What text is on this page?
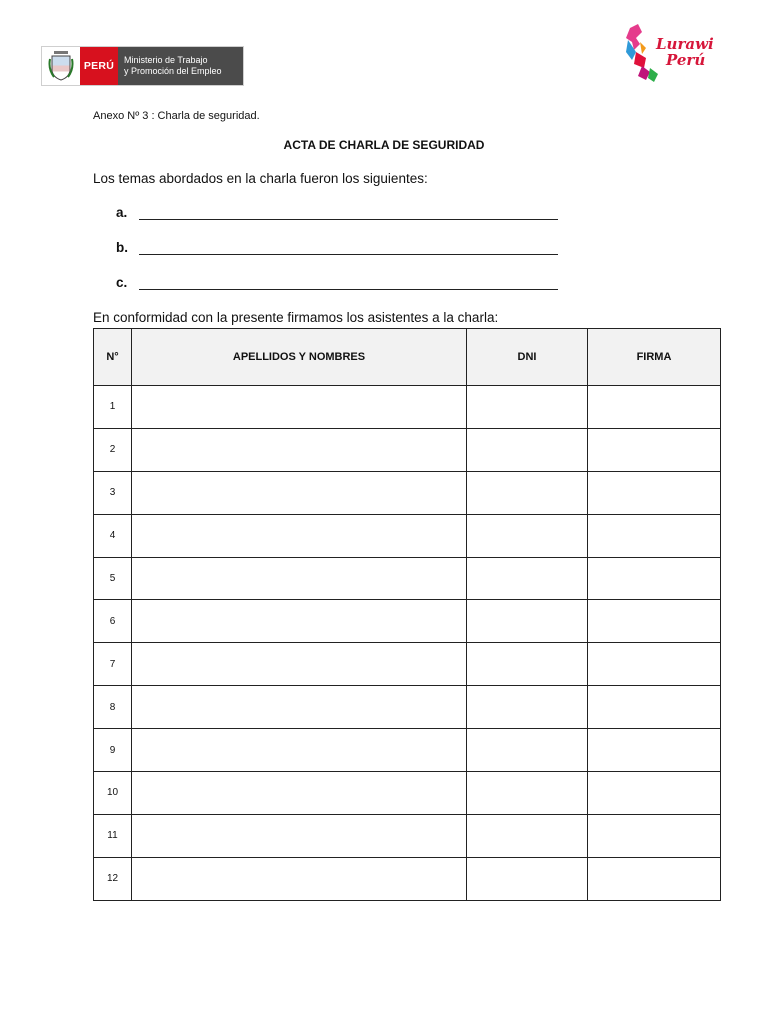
PERÚ	Ministerio de Trabajo
y Promoción del Empleo
Lurawi
Perú
Anexo Nº 3 : Charla de seguridad.
ACTA DE CHARLA DE SEGURIDAD
Los temas abordados en la charla fueron los siguientes:
a.
b.
c.
En conformidad con la presente firmamos los asistentes a la charla:
N°	APELLIDOS Y NOMBRES	DNI	FIRMA
1			
2			
3			
4			
5			
6			
7			
8			
9			
10			
11			
12			
